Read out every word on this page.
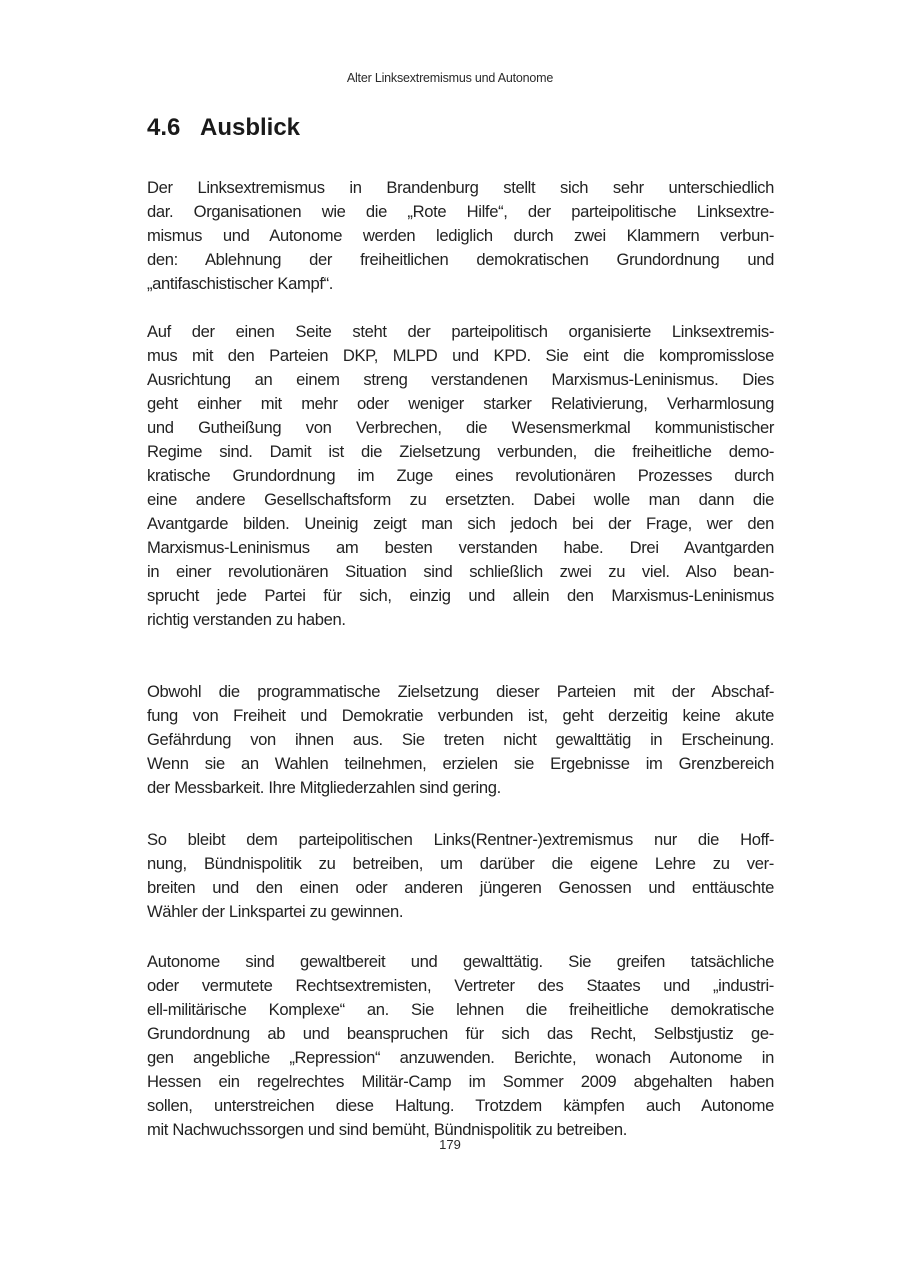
Alter Linksextremismus und Autonome
4.6 Ausblick
Der Linksextremismus in Brandenburg stellt sich sehr unterschiedlich
dar. Organisationen wie die „Rote Hilfe“, der parteipolitische Linksextre-
mismus und Autonome werden lediglich durch zwei Klammern verbun-
den: Ablehnung der freiheitlichen demokratischen Grundordnung und
„antifaschistischer Kampf“.
Auf der einen Seite steht der parteipolitisch organisierte Linksextremis-
mus mit den Parteien DKP, MLPD und KPD. Sie eint die kompromisslose
Ausrichtung an einem streng verstandenen Marxismus-Leninismus. Dies
geht einher mit mehr oder weniger starker Relativierung, Verharmlosung
und Gutheißung von Verbrechen, die Wesensmerkmal kommunistischer
Regime sind. Damit ist die Zielsetzung verbunden, die freiheitliche demo-
kratische Grundordnung im Zuge eines revolutionären Prozesses durch
eine andere Gesellschaftsform zu ersetzten. Dabei wolle man dann die
Avantgarde bilden. Uneinig zeigt man sich jedoch bei der Frage, wer den
Marxismus-Leninismus am besten verstanden habe. Drei Avantgarden
in einer revolutionären Situation sind schließlich zwei zu viel. Also bean-
sprucht jede Partei für sich, einzig und allein den Marxismus-Leninismus
richtig verstanden zu haben.
Obwohl die programmatische Zielsetzung dieser Parteien mit der Abschaf-
fung von Freiheit und Demokratie verbunden ist, geht derzeitig keine akute
Gefährdung von ihnen aus. Sie treten nicht gewalttätig in Erscheinung.
Wenn sie an Wahlen teilnehmen, erzielen sie Ergebnisse im Grenzbereich
der Messbarkeit. Ihre Mitgliederzahlen sind gering.
So bleibt dem parteipolitischen Links(Rentner-)extremismus nur die Hoff-
nung, Bündnispolitik zu betreiben, um darüber die eigene Lehre zu ver-
breiten und den einen oder anderen jüngeren Genossen und enttäuschte
Wähler der Linkspartei zu gewinnen.
Autonome sind gewaltbereit und gewalttätig. Sie greifen tatsächliche
oder vermutete Rechtsextremisten, Vertreter des Staates und „industri-
ell-militärische Komplexe“ an. Sie lehnen die freiheitliche demokratische
Grundordnung ab und beanspruchen für sich das Recht, Selbstjustiz ge-
gen angebliche „Repression“ anzuwenden. Berichte, wonach Autonome in
Hessen ein regelrechtes Militär-Camp im Sommer 2009 abgehalten haben
sollen, unterstreichen diese Haltung. Trotzdem kämpfen auch Autonome
mit Nachwuchssorgen und sind bemüht, Bündnispolitik zu betreiben.
179
